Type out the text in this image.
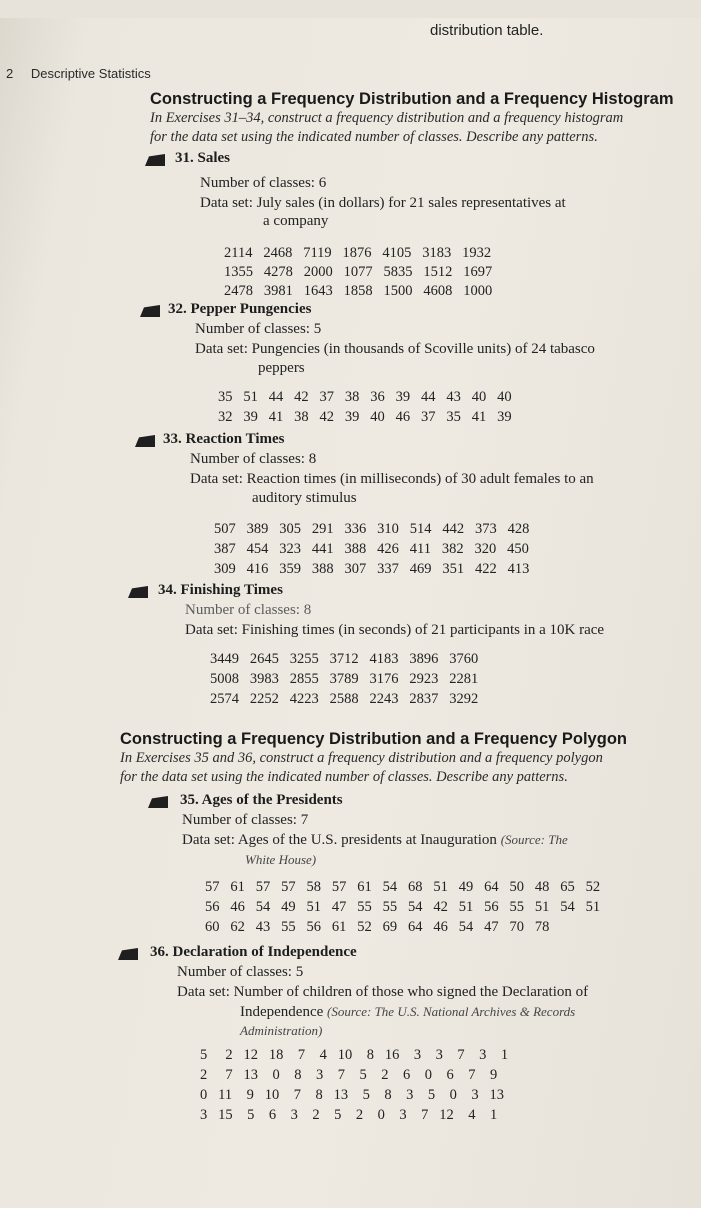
distribution table.
2 Descriptive Statistics
Constructing a Frequency Distribution and a Frequency Histogram
In Exercises 31–34, construct a frequency distribution and a frequency histogram
for the data set using the indicated number of classes. Describe any patterns.
31. Sales
Number of classes: 6
Data set: July sales (in dollars) for 21 sales representatives at
a company
2114   2468   7119   1876   4105   3183   1932
1355   4278   2000   1077   5835   1512   1697
2478   3981   1643   1858   1500   4608   1000
32. Pepper Pungencies
Number of classes: 5
Data set: Pungencies (in thousands of Scoville units) of 24 tabasco
peppers
35   51   44   42   37   38   36   39   44   43   40   40
32   39   41   38   42   39   40   46   37   35   41   39
33. Reaction Times
Number of classes: 8
Data set: Reaction times (in milliseconds) of 30 adult females to an
auditory stimulus
507   389   305   291   336   310   514   442   373   428
387   454   323   441   388   426   411   382   320   450
309   416   359   388   307   337   469   351   422   413
34. Finishing Times
Number of classes: 8
Data set: Finishing times (in seconds) of 21 participants in a 10K race
3449   2645   3255   3712   4183   3896   3760
5008   3983   2855   3789   3176   2923   2281
2574   2252   4223   2588   2243   2837   3292
Constructing a Frequency Distribution and a Frequency Polygon
In Exercises 35 and 36, construct a frequency distribution and a frequency polygon
for the data set using the indicated number of classes. Describe any patterns.
35. Ages of the Presidents
Number of classes: 7
Data set: Ages of the U.S. presidents at Inauguration (Source: The
White House)
57   61   57   57   58   57   61   54   68   51   49   64   50   48   65   52
56   46   54   49   51   47   55   55   54   42   51   56   55   51   54   51
60   62   43   55   56   61   52   69   64   46   54   47   70   78
36. Declaration of Independence
Number of classes: 5
Data set: Number of children of those who signed the Declaration of
Independence (Source: The U.S. National Archives & Records
Administration)
5     2   12   18    7    4   10    8   16    3    3    7    3    1
2     7   13    0    8    3    7    5    2    6    0    6    7    9
0   11    9   10    7    8   13    5    8    3    5    0    3   13
3   15    5    6    3    2    5    2    0    3    7   12    4    1
